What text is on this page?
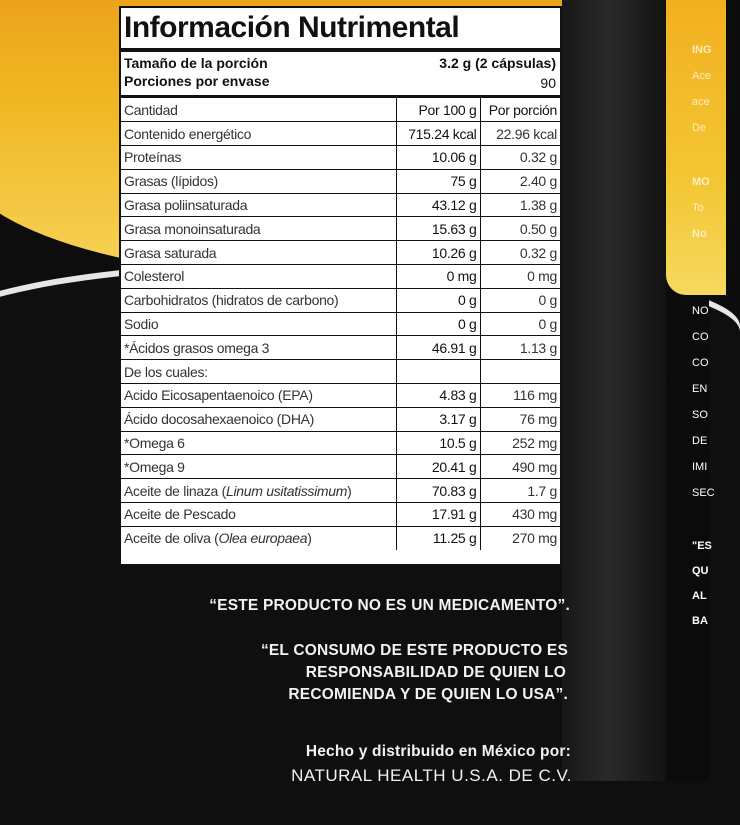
ING
Ace
ace
De
MO
To
No
NO
CO
CO
EN
SO
DE
IMI
SEC
"ES
QU
AL
BA
Información Nutrimental
Tamaño de la porción	3.2 g (2 cápsulas)
Porciones por envase	90
Cantidad	Por 100 g	Por porción
Contenido energético	715.24 kcal	22.96 kcal
Proteínas	10.06 g	0.32 g
Grasas (lípidos)	75 g	2.40 g
Grasa poliinsaturada	43.12 g	1.38 g
Grasa monoinsaturada	15.63 g	0.50 g
Grasa saturada	10.26 g	0.32 g
Colesterol	0 mg	0 mg
Carbohidratos (hidratos de carbono)	0 g	0 g
Sodio	0 g	0 g
*Ácidos grasos omega 3	46.91 g	1.13 g
De los cuales:		
Acido Eicosapentaenoico (EPA)	4.83 g	116 mg
Ácido docosahexaenoico (DHA)	3.17 g	76 mg
*Omega 6	10.5 g	252 mg
*Omega 9	20.41 g	490 mg
Aceite de linaza (Linum usitatissimum)	70.83 g	1.7 g
Aceite de Pescado	17.91 g	430 mg
Aceite de oliva (Olea europaea)	11.25 g	270 mg
“ESTE PRODUCTO NO ES UN MEDICAMENTO”.
“EL CONSUMO DE ESTE PRODUCTO ES
RESPONSABILIDAD DE QUIEN LO
RECOMIENDA Y DE QUIEN LO USA”.
Hecho y distribuido en México por:
NATURAL HEALTH U.S.A. DE C.V.
